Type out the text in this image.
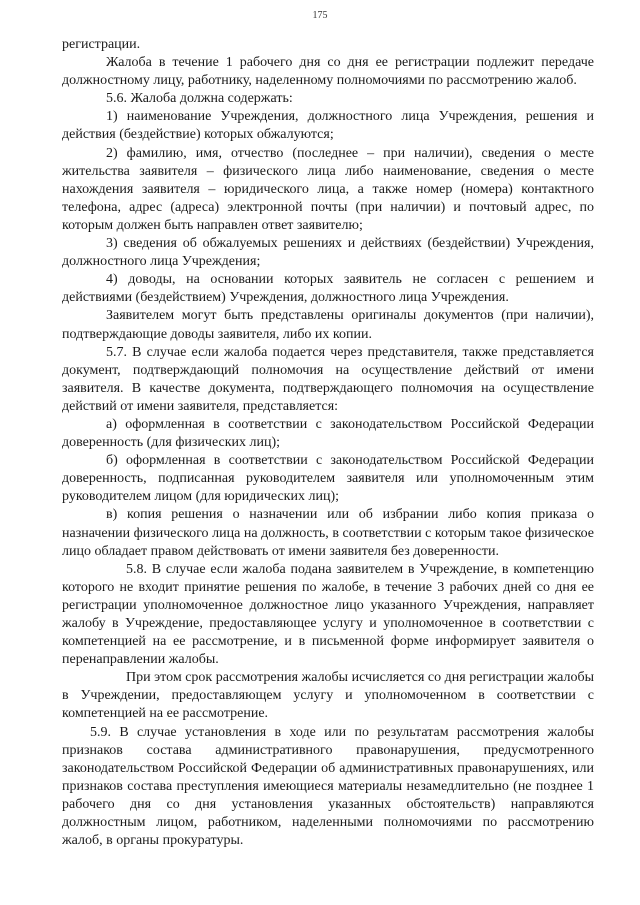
175

регистрации.

Жалоба в течение 1 рабочего дня со дня ее регистрации подлежит передаче должностному лицу, работнику, наделенному полномочиями по рассмотрению жалоб.

5.6. Жалоба должна содержать:

1) наименование Учреждения, должностного лица Учреждения, решения и действия (бездействие) которых обжалуются;

2) фамилию, имя, отчество (последнее – при наличии), сведения о месте жительства заявителя – физического лица либо наименование, сведения о месте нахождения заявителя – юридического лица, а также номер (номера) контактного телефона, адрес (адреса) электронной почты (при наличии) и почтовый адрес, по которым должен быть направлен ответ заявителю;

3) сведения об обжалуемых решениях и действиях (бездействии) Учреждения, должностного лица Учреждения;

4) доводы, на основании которых заявитель не согласен с решением и действиями (бездействием) Учреждения, должностного лица Учреждения.

Заявителем могут быть представлены оригиналы документов (при наличии), подтверждающие доводы заявителя, либо их копии.

5.7. В случае если жалоба подается через представителя, также представляется документ, подтверждающий полномочия на осуществление действий от имени заявителя. В качестве документа, подтверждающего полномочия на осуществление действий от имени заявителя, представляется:

а) оформленная в соответствии с законодательством Российской Федерации доверенность (для физических лиц);

б) оформленная в соответствии с законодательством Российской Федерации доверенность, подписанная руководителем заявителя или уполномоченным этим руководителем лицом (для юридических лиц);

в) копия решения о назначении или об избрании либо копия приказа о назначении физического лица на должность, в соответствии с которым такое физическое лицо обладает правом действовать от имени заявителя без доверенности.

5.8. В случае если жалоба подана заявителем в Учреждение, в компетенцию которого не входит принятие решения по жалобе, в течение 3 рабочих дней со дня ее регистрации уполномоченное должностное лицо указанного Учреждения, направляет жалобу в Учреждение, предоставляющее услугу и уполномоченное в соответствии с компетенцией на ее рассмотрение, и в письменной форме информирует заявителя о перенаправлении жалобы.

При этом срок рассмотрения жалобы исчисляется со дня регистрации жалобы в Учреждении, предоставляющем услугу и уполномоченном в соответствии с компетенцией на ее рассмотрение.

5.9. В случае установления в ходе или по результатам рассмотрения жалобы признаков состава административного правонарушения, предусмотренного законодательством Российской Федерации об административных правонарушениях, или признаков состава преступления имеющиеся материалы незамедлительно (не позднее 1 рабочего дня со дня установления указанных обстоятельств) направляются должностным лицом, работником, наделенными полномочиями по рассмотрению жалоб, в органы прокуратуры.
